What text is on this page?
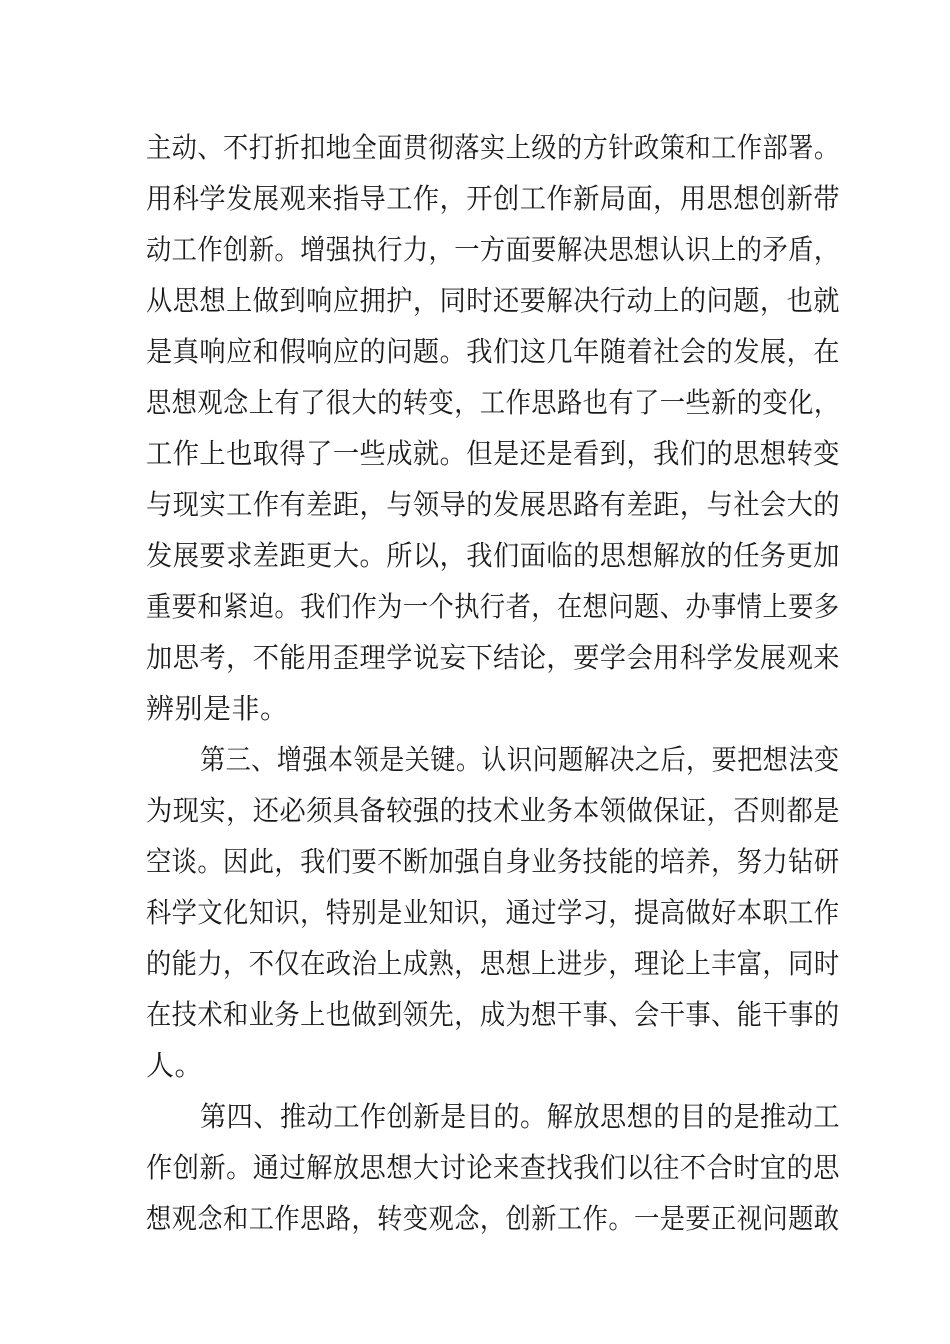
主动、不打折扣地全面贯彻落实上级的方针政策和工作部署。
用科学发展观来指导工作，开创工作新局面，用思想创新带
动工作创新。增强执行力，一方面要解决思想认识上的矛盾，
从思想上做到响应拥护，同时还要解决行动上的问题，也就
是真响应和假响应的问题。我们这几年随着社会的发展，在
思想观念上有了很大的转变，工作思路也有了一些新的变化，
工作上也取得了一些成就。但是还是看到，我们的思想转变
与现实工作有差距，与领导的发展思路有差距，与社会大的
发展要求差距更大。所以，我们面临的思想解放的任务更加
重要和紧迫。我们作为一个执行者，在想问题、办事情上要多
加思考，不能用歪理学说妄下结论，要学会用科学发展观来
辨别是非。
第三、增强本领是关键。认识问题解决之后，要把想法变
为现实，还必须具备较强的技术业务本领做保证，否则都是
空谈。因此，我们要不断加强自身业务技能的培养，努力钻研
科学文化知识，特别是业知识，通过学习，提高做好本职工作
的能力，不仅在政治上成熟，思想上进步，理论上丰富，同时
在技术和业务上也做到领先，成为想干事、会干事、能干事的
人。
第四、推动工作创新是目的。解放思想的目的是推动工
作创新。通过解放思想大讨论来查找我们以往不合时宜的思
想观念和工作思路，转变观念，创新工作。一是要正视问题敢
